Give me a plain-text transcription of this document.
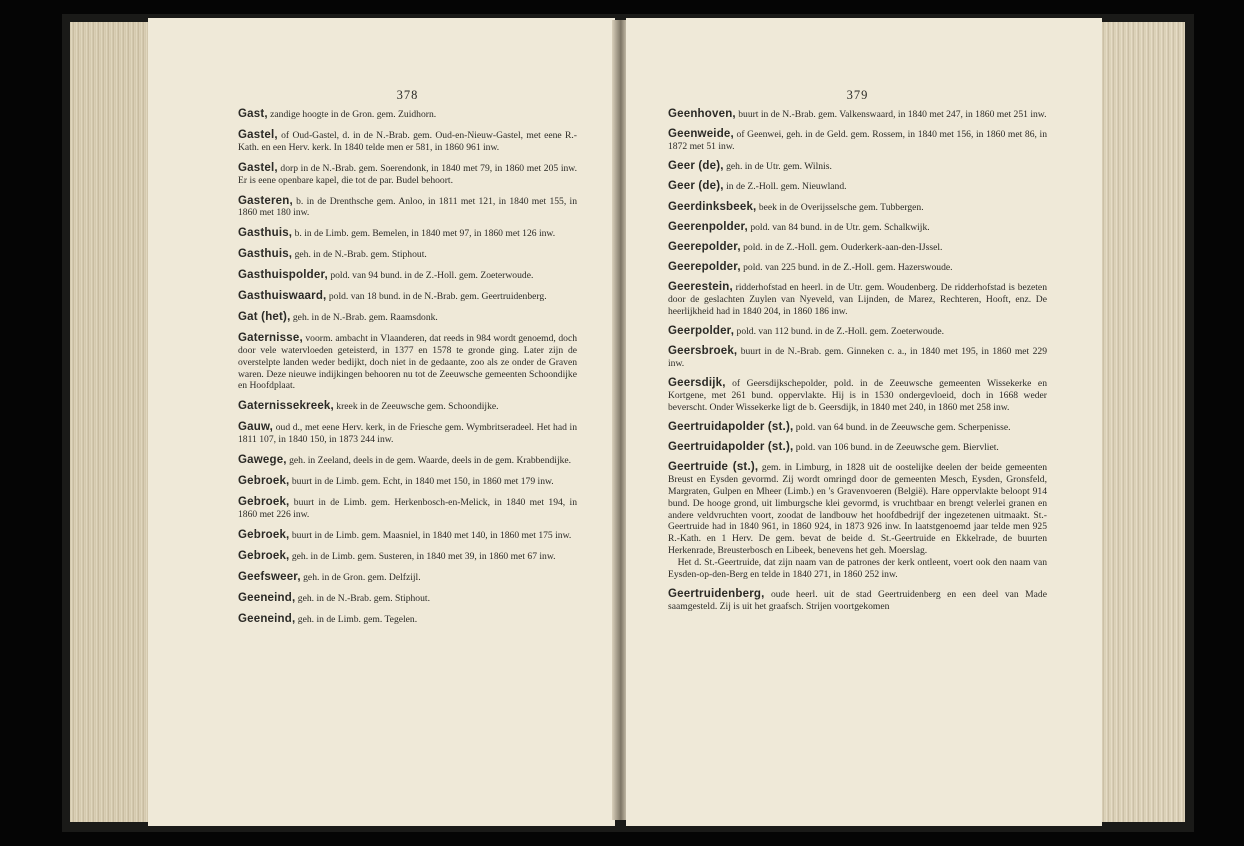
378

Gast, zandige hoogte in de Gron. gem. Zuidhorn.

Gastel, of Oud-Gastel, d. in de N.-Brab. gem. Oud-en-Nieuw-Gastel, met eene R.-Kath. en een Herv. kerk. In 1840 telde men er 581, in 1860 961 inw.

Gastel, dorp in de N.-Brab. gem. Soerendonk, in 1840 met 79, in 1860 met 205 inw. Er is eene openbare kapel, die tot de par. Budel behoort.

Gasteren, b. in de Drenthsche gem. Anloo, in 1811 met 121, in 1840 met 155, in 1860 met 180 inw.

Gasthuis, b. in de Limb. gem. Bemelen, in 1840 met 97, in 1860 met 126 inw.

Gasthuis, geh. in de N.-Brab. gem. Stiphout.

Gasthuispolder, pold. van 94 bund. in de Z.-Holl. gem. Zoeterwoude.

Gasthuiswaard, pold. van 18 bund. in de N.-Brab. gem. Geertruidenberg.

Gat (het), geh. in de N.-Brab. gem. Raamsdonk.

Gaternisse, voorm. ambacht in Vlaanderen, dat reeds in 984 wordt genoemd, doch door vele watervloeden geteisterd, in 1377 en 1578 te gronde ging. Later zijn de overstelpte landen weder bedijkt, doch niet in de gedaante, zoo als ze onder de Graven waren. Deze nieuwe indijkingen behooren nu tot de Zeeuwsche gemeenten Schoondijke en Hoofdplaat.

Gaternissekreek, kreek in de Zeeuwsche gem. Schoondijke.

Gauw, oud d., met eene Herv. kerk, in de Friesche gem. Wymbritseradeel. Het had in 1811 107, in 1840 150, in 1873 244 inw.

Gawege, geh. in Zeeland, deels in de gem. Waarde, deels in de gem. Krabbendijke.

Gebroek, buurt in de Limb. gem. Echt, in 1840 met 150, in 1860 met 179 inw.

Gebroek, buurt in de Limb. gem. Herkenbosch-en-Melick, in 1840 met 194, in 1860 met 226 inw.

Gebroek, buurt in de Limb. gem. Maasniel, in 1840 met 140, in 1860 met 175 inw.

Gebroek, geh. in de Limb. gem. Susteren, in 1840 met 39, in 1860 met 67 inw.

Geefsweer, geh. in de Gron. gem. Delfzijl.

Geeneind, geh. in de N.-Brab. gem. Stiphout.

Geeneind, geh. in de Limb. gem. Tegelen.

379

Geenhoven, buurt in de N.-Brab. gem. Valkenswaard, in 1840 met 247, in 1860 met 251 inw.

Geenweide, of Geenwei, geh. in de Geld. gem. Rossem, in 1840 met 156, in 1860 met 86, in 1872 met 51 inw.

Geer (de), geh. in de Utr. gem. Wilnis.

Geer (de), in de Z.-Holl. gem. Nieuwland.

Geerdinksbeek, beek in de Overijsselsche gem. Tubbergen.

Geerenpolder, pold. van 84 bund. in de Utr. gem. Schalkwijk.

Geerepolder, pold. in de Z.-Holl. gem. Ouderkerk-aan-den-IJssel.

Geerepolder, pold. van 225 bund. in de Z.-Holl. gem. Hazerswoude.

Geerestein, ridderhofstad en heerl. in de Utr. gem. Woudenberg. De ridderhofstad is bezeten door de geslachten Zuylen van Nyeveld, van Lijnden, de Marez, Rechteren, Hooft, enz. De heerlijkheid had in 1840 204, in 1860 186 inw.

Geerpolder, pold. van 112 bund. in de Z.-Holl. gem. Zoeterwoude.

Geersbroek, buurt in de N.-Brab. gem. Ginneken c. a., in 1840 met 195, in 1860 met 229 inw.

Geersdijk, of Geersdijkschepolder, pold. in de Zeeuwsche gemeenten Wissekerke en Kortgene, met 261 bund. oppervlakte. Hij is in 1530 ondergevloeid, doch in 1668 weder beverscht. Onder Wissekerke ligt de b. Geersdijk, in 1840 met 240, in 1860 met 258 inw.

Geertruidapolder (st.), pold. van 64 bund. in de Zeeuwsche gem. Scherpenisse.

Geertruidapolder (st.), pold. van 106 bund. in de Zeeuwsche gem. Biervliet.

Geertruide (st.), gem. in Limburg, in 1828 uit de oostelijke deelen der beide gemeenten Breust en Eysden gevormd. Zij wordt omringd door de gemeenten Mesch, Eysden, Gronsfeld, Margraten, Gulpen en Mheer (Limb.) en 's Gravenvoeren (België). Hare oppervlakte beloopt 914 bund. De hooge grond, uit limburgsche klei gevormd, is vruchtbaar en brengt velerlei granen en andere veldvruchten voort, zoodat de landbouw het hoofdbedrijf der ingezetenen uitmaakt. St.-Geertruide had in 1840 961, in 1860 924, in 1873 926 inw. In laatstgenoemd jaar telde men 925 R.-Kath. en 1 Herv. De gem. bevat de beide d. St.-Geertruide en Ekkelrade, de buurten Herkenrade, Breusterbosch en Libeek, benevens het geh. Moerslag.
 Het d. St.-Geertruide, dat zijn naam van de patrones der kerk ontleent, voert ook den naam van Eysden-op-den-Berg en telde in 1840 271, in 1860 252 inw.

Geertruidenberg, oude heerl. uit de stad Geertruidenberg en een deel van Made saamgesteld. Zij is uit het graafsch. Strijen voortgekomen
